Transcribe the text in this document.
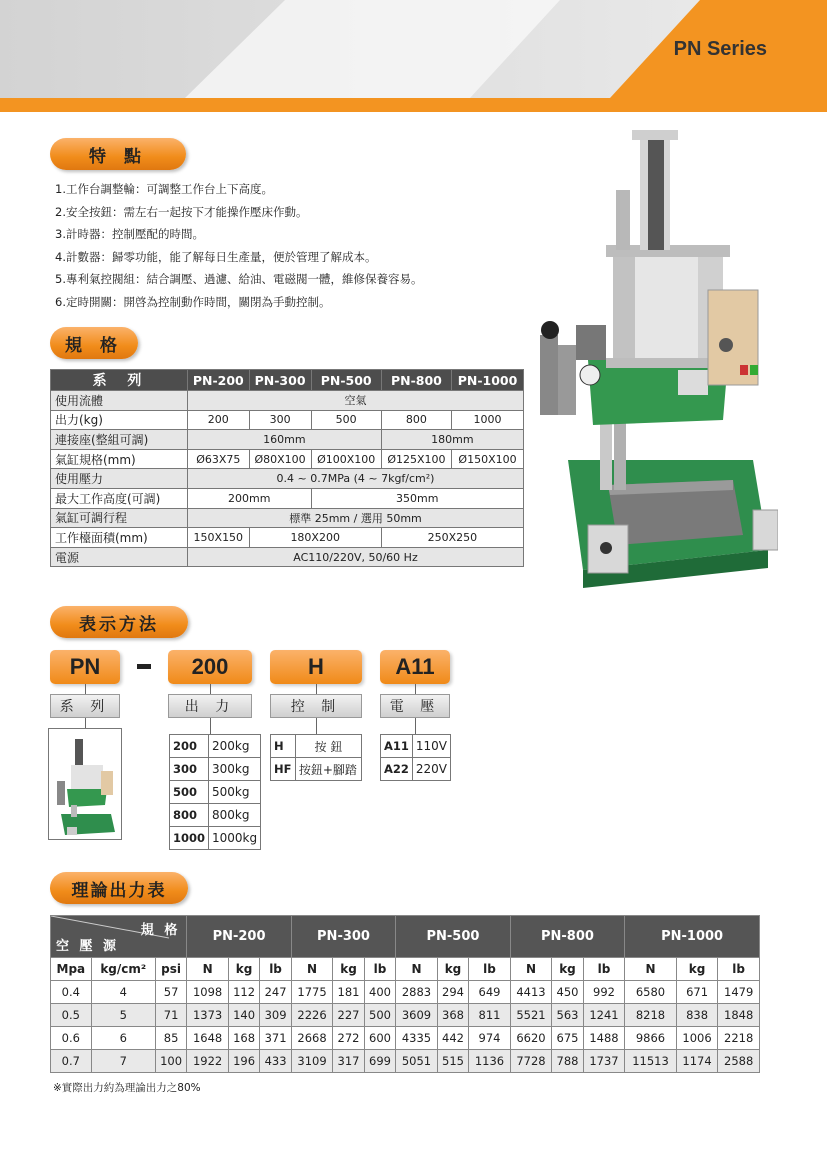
PN Series
特 點
1.工作台調整輪：可調整工作台上下高度。
2.安全按鈕：需左右一起按下才能操作壓床作動。
3.計時器：控制壓配的時間。
4.計數器：歸零功能，能了解每日生產量，便於管理了解成本。
5.專利氣控閥組：結合調壓、過濾、給油、電磁閥一體，維修保養容易。
6.定時開關：開啓為控制動作時間，關閉為手動控制。
規 格
系 列	PN-200	PN-300	PN-500	PN-800	PN-1000
使用流體	空氣				
出力(kg)	200	300	500	800	1000
連接座(整組可調)	160mm			180mm	
氣缸規格(mm)	Ø63X75	Ø80X100	Ø100X100	Ø125X100	Ø150X100
使用壓力	0.4 ~ 0.7MPa (4 ~ 7kgf/cm²)				
最大工作高度(可調)	200mm		350mm		
氣缸可調行程	標準 25mm / 選用 50mm				
工作檯面積(mm)	150X150	180X200		250X250	
電源	AC110/220V, 50/60 Hz				
表示方法
PN	200	H	A11
系 列	出 力	控 制	電 壓
200	200kg
300	300kg
500	500kg
800	800kg
1000	1000kg
H	按 鈕
HF	按鈕+腳踏
A11	110V
A22	220V
理論出力表
規 格
空 壓 源			PN-200			PN-300			PN-500			PN-800			PN-1000		
Mpa	kg/cm²	psi	N	kg	lb	N	kg	lb	N	kg	lb	N	kg	lb	N	kg	lb
0.4	4	57	1098	112	247	1775	181	400	2883	294	649	4413	450	992	6580	671	1479
0.5	5	71	1373	140	309	2226	227	500	3609	368	811	5521	563	1241	8218	838	1848
0.6	6	85	1648	168	371	2668	272	600	4335	442	974	6620	675	1488	9866	1006	2218
0.7	7	100	1922	196	433	3109	317	699	5051	515	1136	7728	788	1737	11513	1174	2588
※實際出力約為理論出力之80%
